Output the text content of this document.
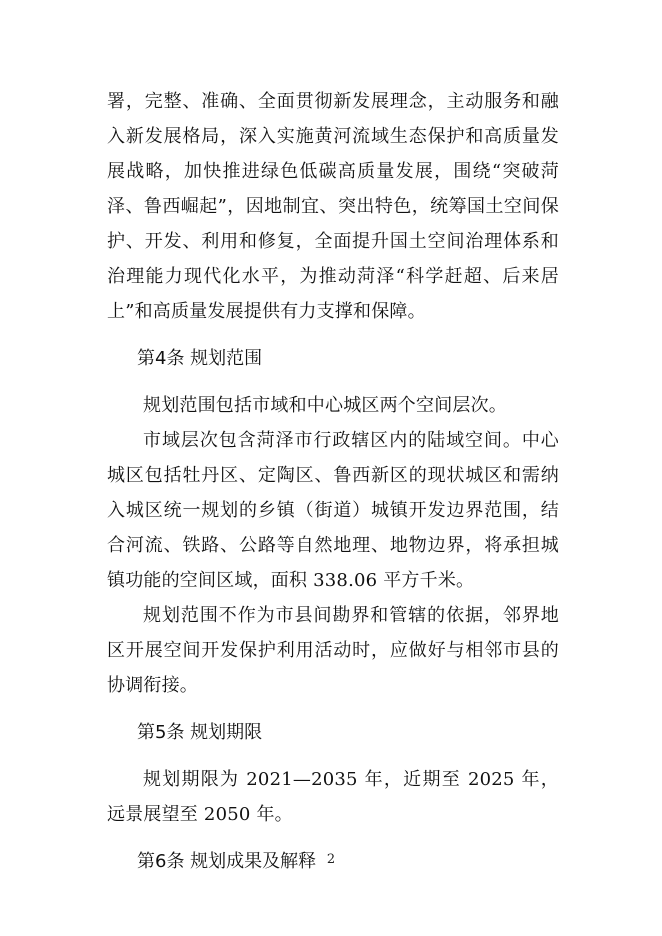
署，完整、准确、全面贯彻新发展理念，主动服务和融入新发展格局，深入实施黄河流域生态保护和高质量发展战略，加快推进绿色低碳高质量发展，围绕“突破菏泽、鲁西崛起”，因地制宜、突出特色，统筹国土空间保护、开发、利用和修复，全面提升国土空间治理体系和治理能力现代化水平，为推动菏泽“科学赶超、后来居上”和高质量发展提供有力支撑和保障。

第4条 规划范围

规划范围包括市域和中心城区两个空间层次。

市域层次包含菏泽市行政辖区内的陆域空间。中心城区包括牡丹区、定陶区、鲁西新区的现状城区和需纳入城区统一规划的乡镇（街道）城镇开发边界范围，结合河流、铁路、公路等自然地理、地物边界，将承担城镇功能的空间区域，面积 338.06 平方千米。

规划范围不作为市县间勘界和管辖的依据，邻界地区开展空间开发保护利用活动时，应做好与相邻市县的协调衔接。

第5条 规划期限

规划期限为 2021—2035 年，近期至 2025 年，远景展望至 2050 年。

第6条 规划成果及解释 2
